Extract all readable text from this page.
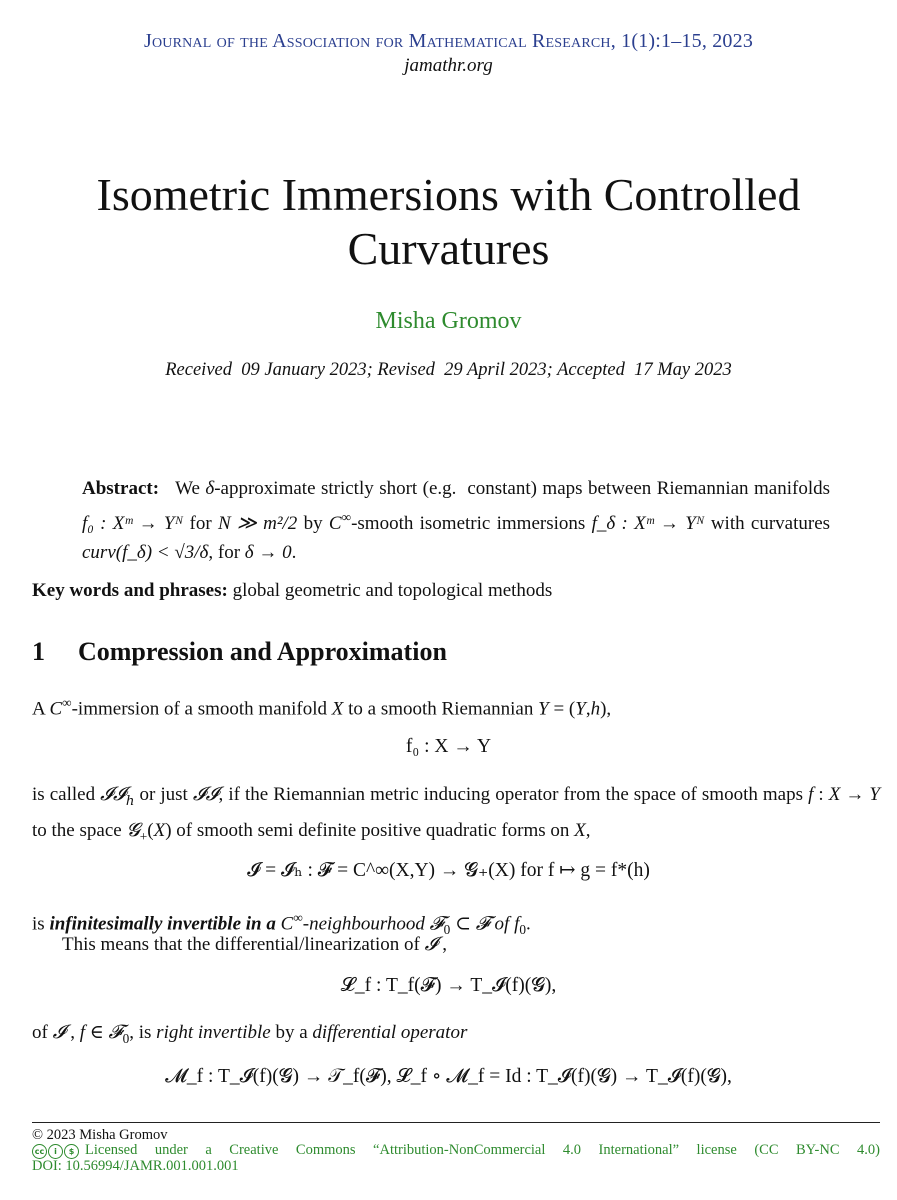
Journal of the Association for Mathematical Research, 1(1):1–15, 2023
jamathr.org
Isometric Immersions with Controlled Curvatures
Misha Gromov
Received  09 January 2023; Revised  29 April 2023; Accepted  17 May 2023
Abstract: We δ-approximate strictly short (e.g.  constant) maps between Riemannian manifolds f₀ : Xᵐ → Yᴺ for N ≫ m²/2 by C∞-smooth isometric immersions f_δ : Xᵐ → Yᴺ with curvatures curv(f_δ) < √3/δ, for δ → 0.
Key words and phrases: global geometric and topological methods
1 Compression and Approximation
A C∞-immersion of a smooth manifold X to a smooth Riemannian Y = (Y,h),
f₀ : X → Y
is called 𝓘𝓘$_h$ or just 𝓘𝓘, if the Riemannian metric inducing operator from the space of smooth maps f : X → Y to the space 𝓖$_+$(X) of smooth semi definite positive quadratic forms on X,
𝓘 = 𝓘ₕ : 𝓕 = C^∞(X,Y) → 𝓖₊(X) for f ↦ g = f*(h)
is infinitesimally invertible in a C∞-neighbourhood 𝓕$_0$ ⊂ 𝓕 of $f_0$.
This means that the differential/linearization of 𝓘 ,
𝓛_f : T_f(𝓕) → T_𝓘(f)(𝓖),
of 𝓘 , f ∈ 𝓕$_0$, is right invertible by a differential operator
𝓜_f : T_𝓘(f)(𝓖) → 𝒯_f(𝓕), 𝓛_f ∘ 𝓜_f = Id : T_𝓘(f)(𝓖) → T_𝓘(f)(𝓖),
© 2023 Misha Gromov
cc	i	$ Licensed under a Creative Commons “Attribution-NonCommercial 4.0 International” license (CC BY-NC 4.0)
DOI: 10.56994/JAMR.001.001.001
